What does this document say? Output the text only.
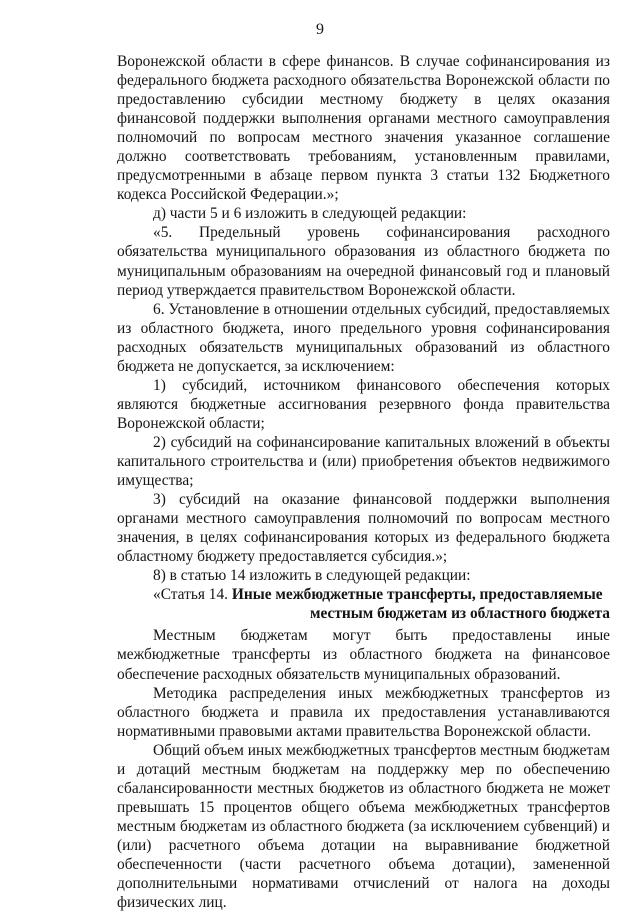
9

Воронежской области в сфере финансов. В случае софинансирования из федерального бюджета расходного обязательства Воронежской области по предоставлению субсидии местному бюджету в целях оказания финансовой поддержки выполнения органами местного самоуправления полномочий по вопросам местного значения указанное соглашение должно соответствовать требованиям, установленным правилами, предусмотренными в абзаце первом пункта 3 статьи 132 Бюджетного кодекса Российской Федерации.»;

д) части 5 и 6 изложить в следующей редакции:

«5. Предельный уровень софинансирования расходного обязательства муниципального образования из областного бюджета по муниципальным образованиям на очередной финансовый год и плановый период утверждается правительством Воронежской области.

6. Установление в отношении отдельных субсидий, предоставляемых из областного бюджета, иного предельного уровня софинансирования расходных обязательств муниципальных образований из областного бюджета не допускается, за исключением:

1) субсидий, источником финансового обеспечения которых являются бюджетные ассигнования резервного фонда правительства Воронежской области;

2) субсидий на софинансирование капитальных вложений в объекты капитального строительства и (или) приобретения объектов недвижимого имущества;

3) субсидий на оказание финансовой поддержки выполнения органами местного самоуправления полномочий по вопросам местного значения, в целях софинансирования которых из федерального бюджета областному бюджету предоставляется субсидия.»;

8) в статью 14 изложить в следующей редакции:

«Статья 14. Иные межбюджетные трансферты, предоставляемые
местным бюджетам из областного бюджета

Местным бюджетам могут быть предоставлены иные межбюджетные трансферты из областного бюджета на финансовое обеспечение расходных обязательств муниципальных образований.

Методика распределения иных межбюджетных трансфертов из областного бюджета и правила их предоставления устанавливаются нормативными правовыми актами правительства Воронежской области.

Общий объем иных межбюджетных трансфертов местным бюджетам и дотаций местным бюджетам на поддержку мер по обеспечению сбалансированности местных бюджетов из областного бюджета не может превышать 15 процентов общего объема межбюджетных трансфертов местным бюджетам из областного бюджета (за исключением субвенций) и (или) расчетного объема дотации на выравнивание бюджетной обеспеченности (части расчетного объема дотации), замененной дополнительными нормативами отчислений от налога на доходы физических лиц.
